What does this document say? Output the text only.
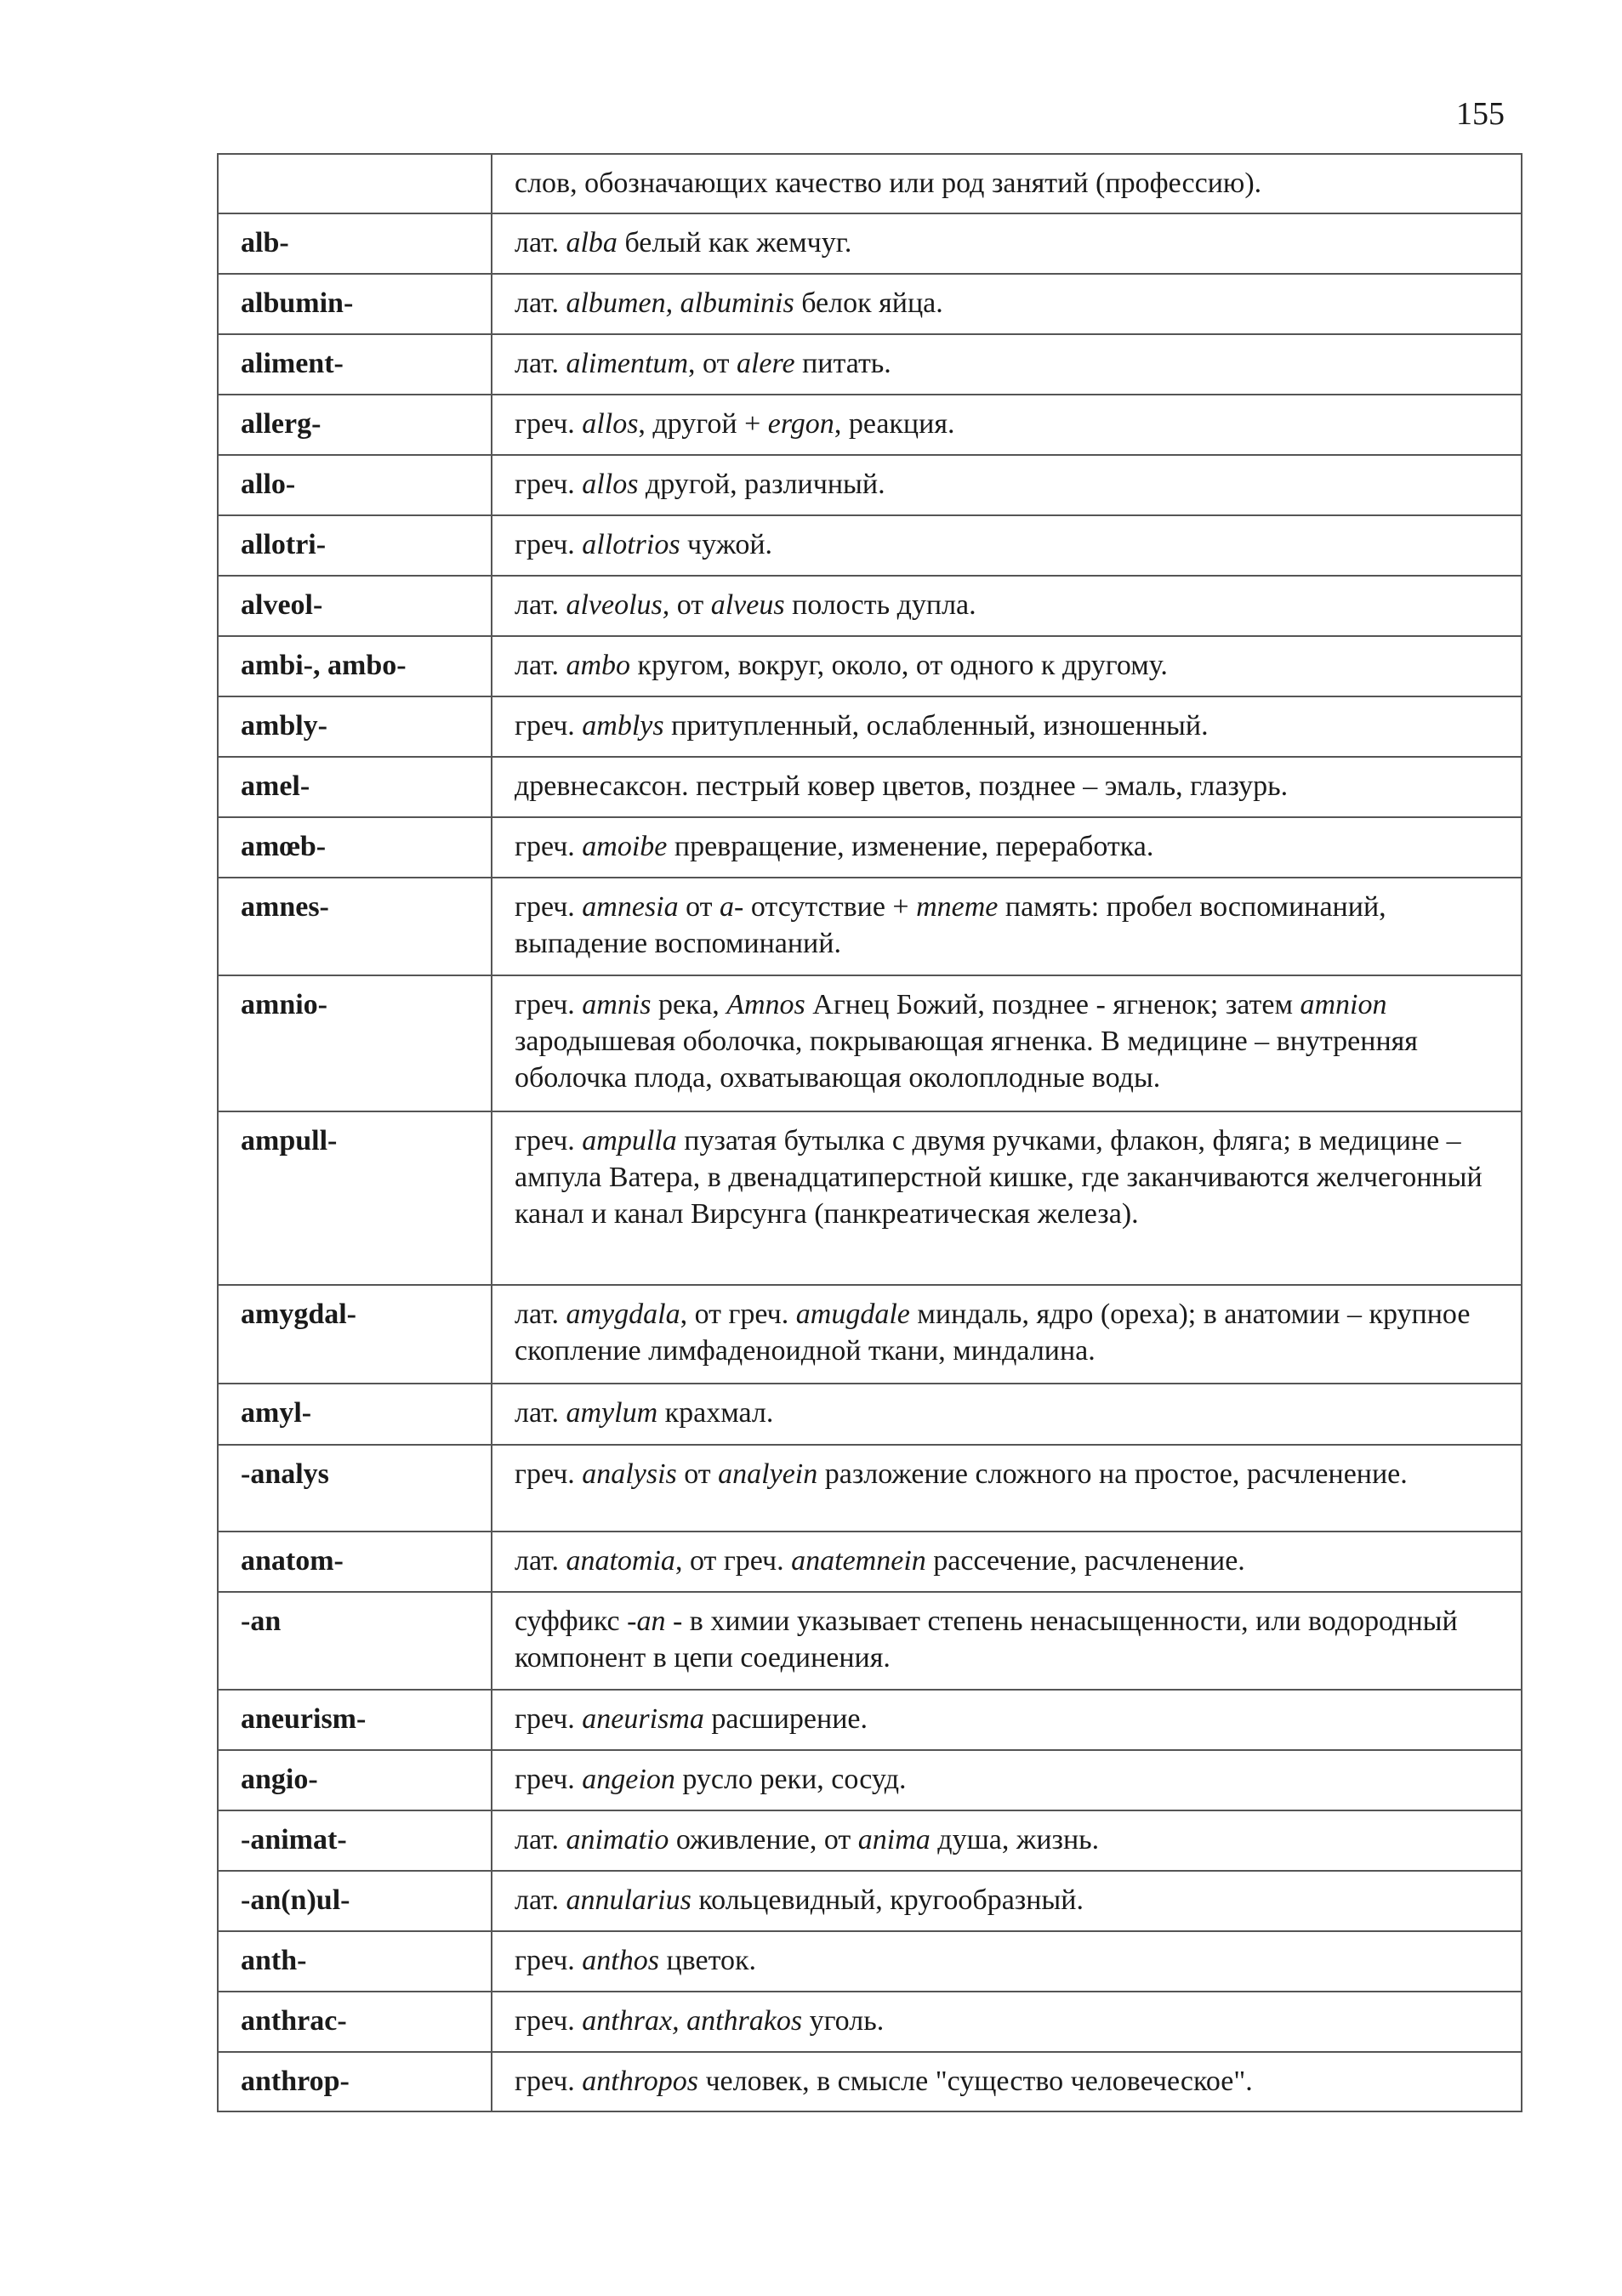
155
	слов, обозначающих качество или род занятий (профессию).
alb-	лат. alba белый как жемчуг.
albumin-	лат. albumen, albuminis белок яйца.
aliment-	лат. alimentum, от alere питать.
allerg-	греч. allos, другой + ergon, реакция.
allo-	греч. allos другой, различный.
allotri-	греч. allotrios чужой.
alveol-	лат. alveolus, от alveus полость дупла.
ambi-, ambo-	лат. ambo кругом, вокруг, около, от одного к другому.
ambly-	греч. amblys притупленный, ослабленный, изношенный.
amel-	древнесаксон. пестрый ковер цветов, позднее – эмаль, глазурь.
amœb-	греч. amoibe превращение, изменение, переработка.
amnes-	греч. amnesia от a- отсутствие + mneme память: пробел воспоминаний, выпадение воспоминаний.
amnio-	греч. amnis река, Amnos Агнец Божий, позднее - ягненок; затем amnion зародышевая оболочка, покрывающая ягненка. В медицине – внутренняя оболочка плода, охватывающая околоплодные воды.
ampull-	греч. ampulla пузатая бутылка с двумя ручками, флакон, фляга; в медицине – ампула Ватера, в двенадцатиперстной кишке, где заканчиваются желчегонный канал и канал Вирсунга (панкреатическая железа).
amygdal-	лат. amygdala, от греч. amugdale миндаль, ядро (ореха); в анатомии – крупное скопление лимфаденоидной ткани, миндалина.
amyl-	лат. amylum крахмал.
-analys	греч. analysis от analyein разложение сложного на простое, расчленение.
anatom-	лат. anatomia, от греч. anatemnein рассечение, расчленение.
-an	суффикс -an - в химии указывает степень ненасыщенности, или водородный компонент в цепи соединения.
aneurism-	греч. aneurisma расширение.
angio-	греч. angeion русло реки, сосуд.
-animat-	лат. animatio оживление, от anima душа, жизнь.
-an(n)ul-	лат. annularius кольцевидный, кругообразный.
anth-	греч. anthos цветок.
anthrac-	греч. anthrax, anthrakos уголь.
anthrop-	греч. anthropos человек, в смысле "существо человеческое".
